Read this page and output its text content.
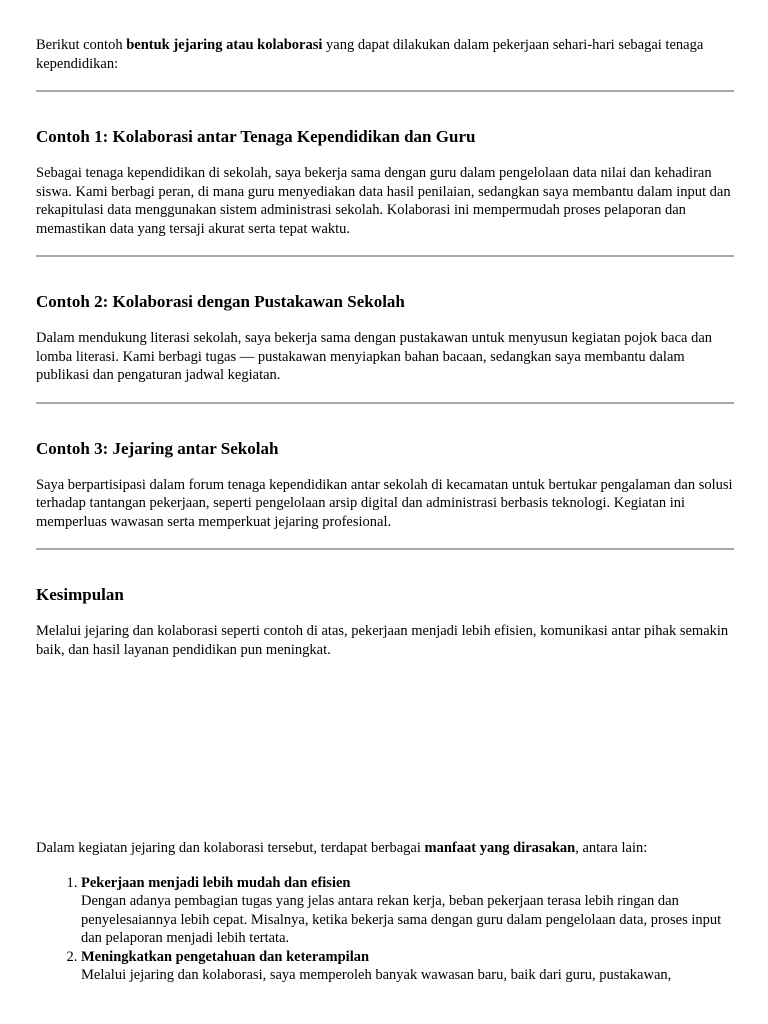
Berikut contoh bentuk jejaring atau kolaborasi yang dapat dilakukan dalam pekerjaan sehari-hari sebagai tenaga kependidikan:

Contoh 1: Kolaborasi antar Tenaga Kependidikan dan Guru

Sebagai tenaga kependidikan di sekolah, saya bekerja sama dengan guru dalam pengelolaan data nilai dan kehadiran siswa. Kami berbagi peran, di mana guru menyediakan data hasil penilaian, sedangkan saya membantu dalam input dan rekapitulasi data menggunakan sistem administrasi sekolah. Kolaborasi ini mempermudah proses pelaporan dan memastikan data yang tersaji akurat serta tepat waktu.

Contoh 2: Kolaborasi dengan Pustakawan Sekolah

Dalam mendukung literasi sekolah, saya bekerja sama dengan pustakawan untuk menyusun kegiatan pojok baca dan lomba literasi. Kami berbagi tugas — pustakawan menyiapkan bahan bacaan, sedangkan saya membantu dalam publikasi dan pengaturan jadwal kegiatan.

Contoh 3: Jejaring antar Sekolah

Saya berpartisipasi dalam forum tenaga kependidikan antar sekolah di kecamatan untuk bertukar pengalaman dan solusi terhadap tantangan pekerjaan, seperti pengelolaan arsip digital dan administrasi berbasis teknologi. Kegiatan ini memperluas wawasan serta memperkuat jejaring profesional.

Kesimpulan

Melalui jejaring dan kolaborasi seperti contoh di atas, pekerjaan menjadi lebih efisien, komunikasi antar pihak semakin baik, dan hasil layanan pendidikan pun meningkat.

Dalam kegiatan jejaring dan kolaborasi tersebut, terdapat berbagai manfaat yang dirasakan, antara lain:

1. Pekerjaan menjadi lebih mudah dan efisien
Dengan adanya pembagian tugas yang jelas antara rekan kerja, beban pekerjaan terasa lebih ringan dan penyelesaiannya lebih cepat. Misalnya, ketika bekerja sama dengan guru dalam pengelolaan data, proses input dan pelaporan menjadi lebih tertata.
2. Meningkatkan pengetahuan dan keterampilan
Melalui jejaring dan kolaborasi, saya memperoleh banyak wawasan baru, baik dari guru, pustakawan,
